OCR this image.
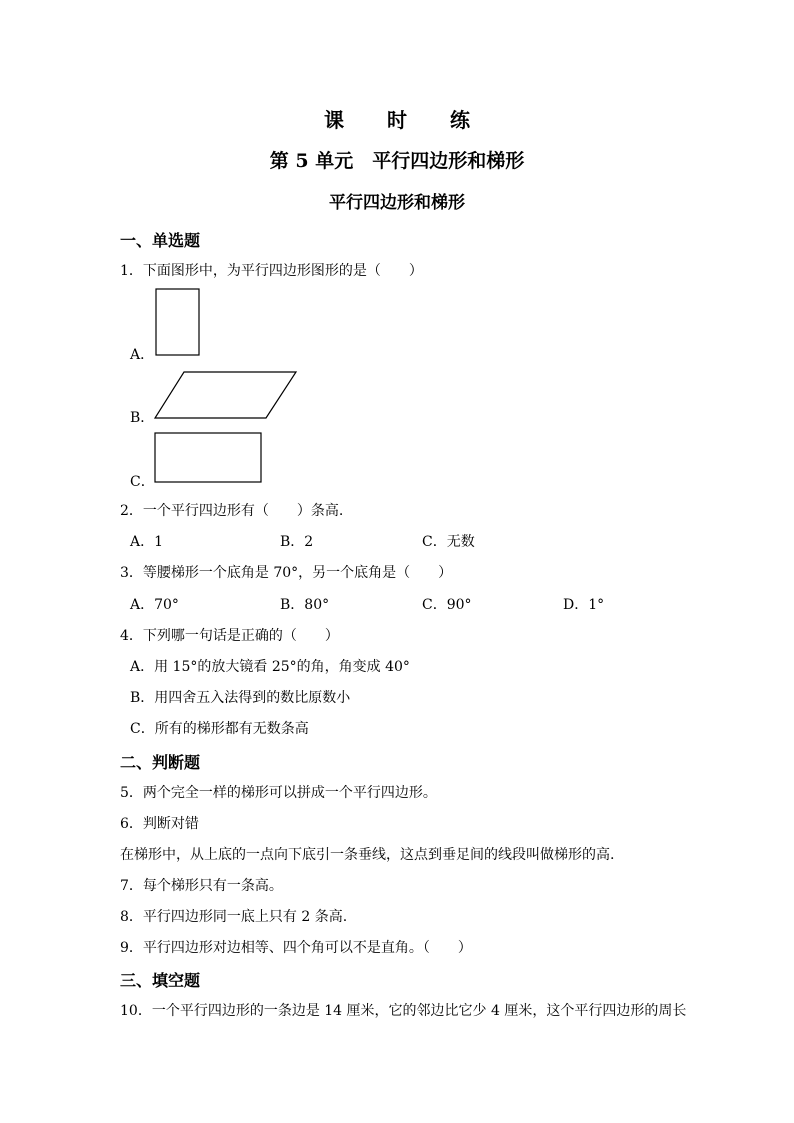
课 时 练
第 5 单元　平行四边形和梯形
平行四边形和梯形
一、单选题
1．下面图形中，为平行四边形图形的是（　　）
A．
B．
C．
2．一个平行四边形有（　　）条高.
A．1	B．2	C．无数
3．等腰梯形一个底角是 70°，另一个底角是（　　）
A．70°	B．80°	C．90°	D．1°
4．下列哪一句话是正确的（　　）
A．用 15°的放大镜看 25°的角，角变成 40°
B．用四舍五入法得到的数比原数小
C．所有的梯形都有无数条高
二、判断题
5．两个完全一样的梯形可以拼成一个平行四边形。
6．判断对错
在梯形中，从上底的一点向下底引一条垂线，这点到垂足间的线段叫做梯形的高.
7．每个梯形只有一条高。
8．平行四边形同一底上只有 2 条高.
9．平行四边形对边相等、四个角可以不是直角。（　　）
三、填空题
10．一个平行四边形的一条边是 14 厘米，它的邻边比它少 4 厘米，这个平行四边形的周长
